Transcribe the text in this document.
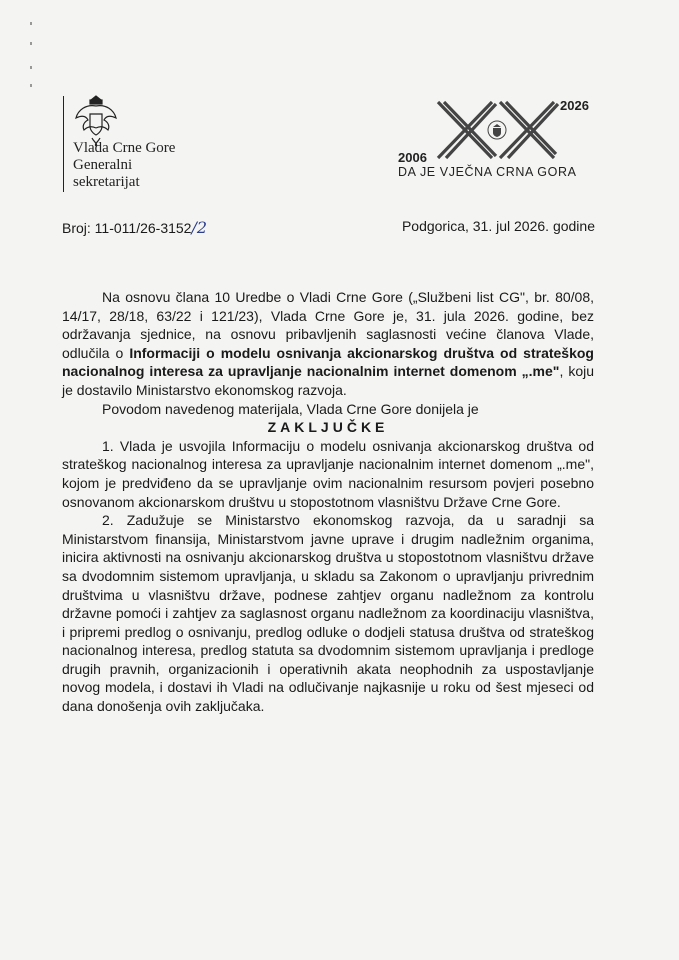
Vlada Crne Gore
Generalni
sekretarijat
2026
2006
DA JE VJEČNA CRNA GORA
Broj: 11-011/26-3152/2	Podgorica, 31. jul 2026. godine

Na osnovu člana 10 Uredbe o Vladi Crne Gore („Službeni list CG", br. 80/08, 14/17, 28/18, 63/22 i 121/23), Vlada Crne Gore je, 31. jula 2026. godine, bez održavanja sjednice, na osnovu pribavljenih saglasnosti većine članova Vlade, odlučila o Informaciji o modelu osnivanja akcionarskog društva od strateškog nacionalnog interesa za upravljanje nacionalnim internet domenom „.me", koju je dostavilo Ministarstvo ekonomskog razvoja.

Povodom navedenog materijala, Vlada Crne Gore donijela je

ZAKLJUČKE

1. Vlada je usvojila Informaciju o modelu osnivanja akcionarskog društva od strateškog nacionalnog interesa za upravljanje nacionalnim internet domenom „.me", kojom je predviđeno da se upravljanje ovim nacionalnim resursom povjeri posebno osnovanom akcionarskom društvu u stopostotnom vlasništvu Države Crne Gore.

2. Zadužuje se Ministarstvo ekonomskog razvoja, da u saradnji sa Ministarstvom finansija, Ministarstvom javne uprave i drugim nadležnim organima, inicira aktivnosti na osnivanju akcionarskog društva u stopostotnom vlasništvu države sa dvodomnim sistemom upravljanja, u skladu sa Zakonom o upravljanju privrednim društvima u vlasništvu države, podnese zahtjev organu nadležnom za kontrolu državne pomoći i zahtjev za saglasnost organu nadležnom za koordinaciju vlasništva, i pripremi predlog o osnivanju, predlog odluke o dodjeli statusa društva od strateškog nacionalnog interesa, predlog statuta sa dvodomnim sistemom upravljanja i predloge drugih pravnih, organizacionih i operativnih akata neophodnih za uspostavljanje novog modela, i dostavi ih Vladi na odlučivanje najkasnije u roku od šest mjeseci od dana donošenja ovih zaključaka.
